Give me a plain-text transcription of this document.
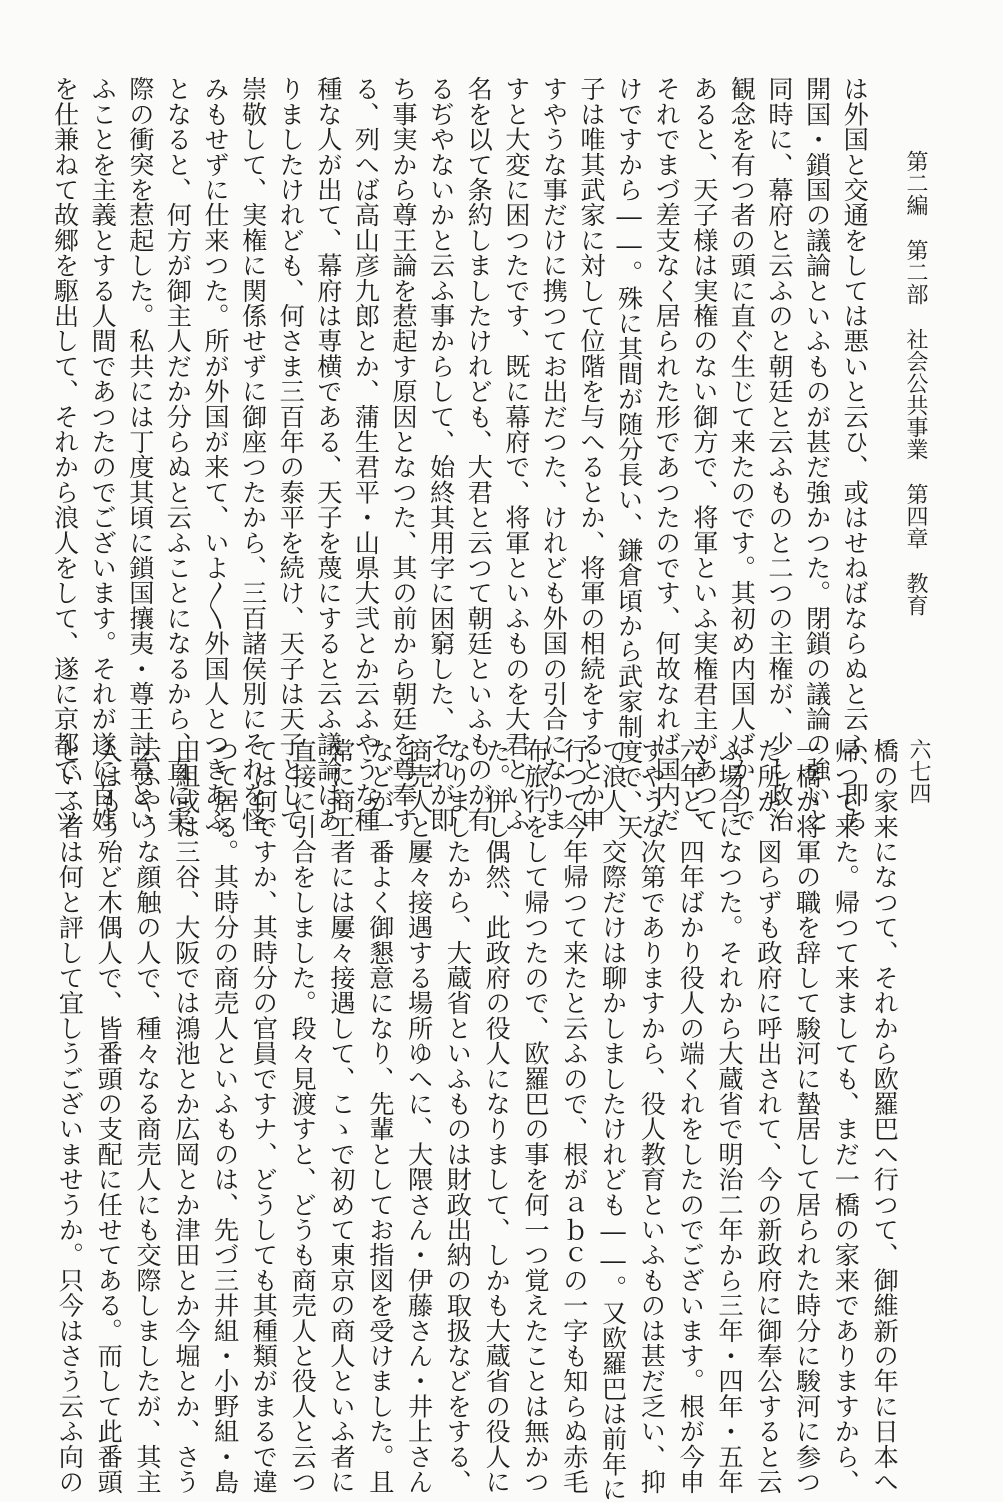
第二編 第二部 社会公共事業 第四章 教育
六七四
は外国と交通をしては悪いと云ひ、或はせねばならぬと云ふ、即ち
開国・鎖国の議論といふものが甚だ強かつた。閉鎖の議論の強いと
同時に、幕府と云ふのと朝廷と云ふものと二つの主権が、少し政治
観念を有つ者の頭に直ぐ生じて来たのです。其初め内国人ばかりで
あると、天子様は実権のない御方で、将軍といふ実権君主があつて
それでまづ差支なく居られた形であつたのです、何故なれば国内だ
けですから――。殊に其間が随分長い、鎌倉頃から武家制度で、天
子は唯其武家に対して位階を与へるとか、将軍の相続をするとか申
すやうな事だけに携つてお出だつた、けれども外国の引合になりま
すと大変に困つたです、既に幕府で、将軍といふものを大君といふ
名を以て条約しましたけれども、大君と云つて朝廷といふものが有
るぢやないかと云ふ事からして、始終其用字に困窮した、それが即
ち事実から尊王論を惹起す原因となつた、其の前から朝廷を尊奉す
る、列へば高山彦九郎とか、蒲生君平・山県大弐とか云ふやうな種
種な人が出て、幕府は専横である、天子を蔑にすると云ふ議論はあ
りましたけれども、何さま三百年の泰平を続け、天子は天子として
崇敬して、実権に関係せずに御座つたから、三百諸侯別にそれを怪
みもせずに仕来つた。所が外国が来て、いよ〳〵外国人とつきあふ
となると、何方が御主人だか分らぬと云ふことになるから、直に実
際の衝突を惹起した。私共には丁度其頃に鎖国攘夷・尊王討幕とい
ふことを主義とする人間であつたのでございます。それが遂に百姓
を仕兼ねて故郷を駆出して、それから浪人をして、遂に京都で一ツ
橋の家来になつて、それから欧羅巴へ行つて、御維新の年に日本へ
帰つて来た。帰つて来ましても、まだ一橋の家来でありますから、
一橋が将軍の職を辞して駿河に蟄居して居られた時分に駿河に参つ
た所が、図らずも政府に呼出されて、今の新政府に御奉公すると云
ふ場合になつた。それから大蔵省で明治二年から三年・四年・五年
六年と、四年ばかり役人の端くれをしたのでございます。根が今申
すやうな次第でありますから、役人教育といふものは甚だ乏い、抑
て浪人、交際だけは聊かしましたけれども――。又欧羅巴は前年に
行つて今年帰つて来たと云ふので、根がａｂｃの一字も知らぬ赤毛
布旅行をして帰つたので、欧羅巴の事を何一つ覚えたことは無かつ
た。併し偶然、此政府の役人になりまして、しかも大蔵省の役人に
なりましたから、大蔵省といふものは財政出納の取扱などをする、
商売人と屢々接遇する場所ゆへに、大隈さん・伊藤さん・井上さん
などが一番よく御懇意になり、先輩としてお指図を受けました。且
常に商工者には屢々接遇して、こゝで初めて東京の商人といふ者に
直接に引合をしました。段々見渡すと、どうも商売人と役人と云つ
ては何ですか、其時分の官員ですナ、どうしても其種類がまるで違
つて居る。其時分の商売人といふものは、先づ三井組・小野組・島
田組或は三谷、大阪では鴻池とか広岡とか津田とか今堀とか、さう
云ふやうな顔触の人で、種々なる商売人にも交際しましたが、其主
人はもう殆ど木偶人で、皆番頭の支配に任せてある。而して此番頭
といふ者は何と評して宜しうございませうか。只今はさう云ふ向の
